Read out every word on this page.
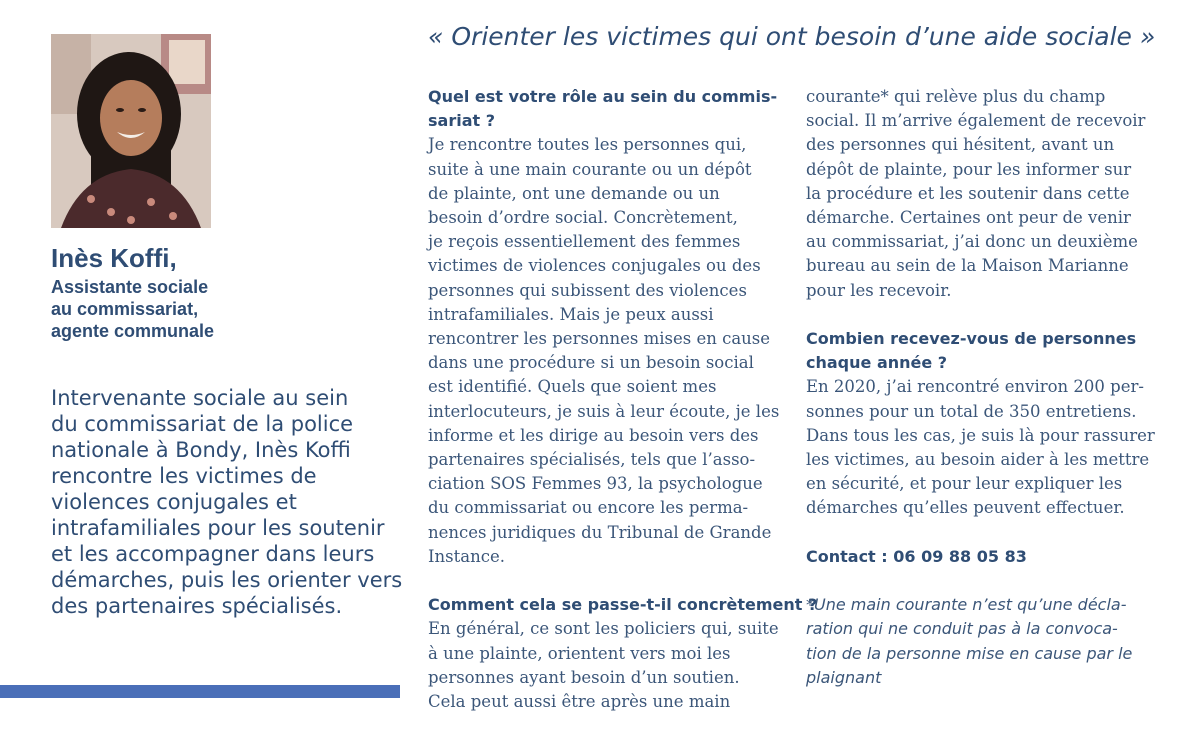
Inès Koffi,
Assistante sociale
au commissariat,
agente communale
Intervenante sociale au sein
du commissariat de la police
nationale à Bondy, Inès Koffi
rencontre les victimes de
violences conjugales et
intrafamiliales pour les soutenir
et les accompagner dans leurs
démarches, puis les orienter vers
des partenaires spécialisés.
« Orienter les victimes qui ont besoin d’une aide sociale »
Quel est votre rôle au sein du commis-
sariat ?
Je rencontre toutes les personnes qui,
suite à une main courante ou un dépôt
de plainte, ont une demande ou un
besoin d’ordre social. Concrètement,
je reçois essentiellement des femmes
victimes de violences conjugales ou des
personnes qui subissent des violences
intrafamiliales. Mais je peux aussi
rencontrer les personnes mises en cause
dans une procédure si un besoin social
est identifié. Quels que soient mes
interlocuteurs, je suis à leur écoute, je les
informe et les dirige au besoin vers des
partenaires spécialisés, tels que l’asso-
ciation SOS Femmes 93, la psychologue
du commissariat ou encore les perma-
nences juridiques du Tribunal de Grande
Instance.
Comment cela se passe-t-il concrètement ?
En général, ce sont les policiers qui, suite
à une plainte, orientent vers moi les
personnes ayant besoin d’un soutien.
Cela peut aussi être après une main
courante* qui relève plus du champ
social. Il m’arrive également de recevoir
des personnes qui hésitent, avant un
dépôt de plainte, pour les informer sur
la procédure et les soutenir dans cette
démarche. Certaines ont peur de venir
au commissariat, j’ai donc un deuxième
bureau au sein de la Maison Marianne
pour les recevoir.
Combien recevez-vous de personnes
chaque année ?
En 2020, j’ai rencontré environ 200 per-
sonnes pour un total de 350 entretiens.
Dans tous les cas, je suis là pour rassurer
les victimes, au besoin aider à les mettre
en sécurité, et pour leur expliquer les
démarches qu’elles peuvent effectuer.
Contact : 06 09 88 05 83
*Une main courante n’est qu’une décla-
ration qui ne conduit pas à la convoca-
tion de la personne mise en cause par le
plaignant
